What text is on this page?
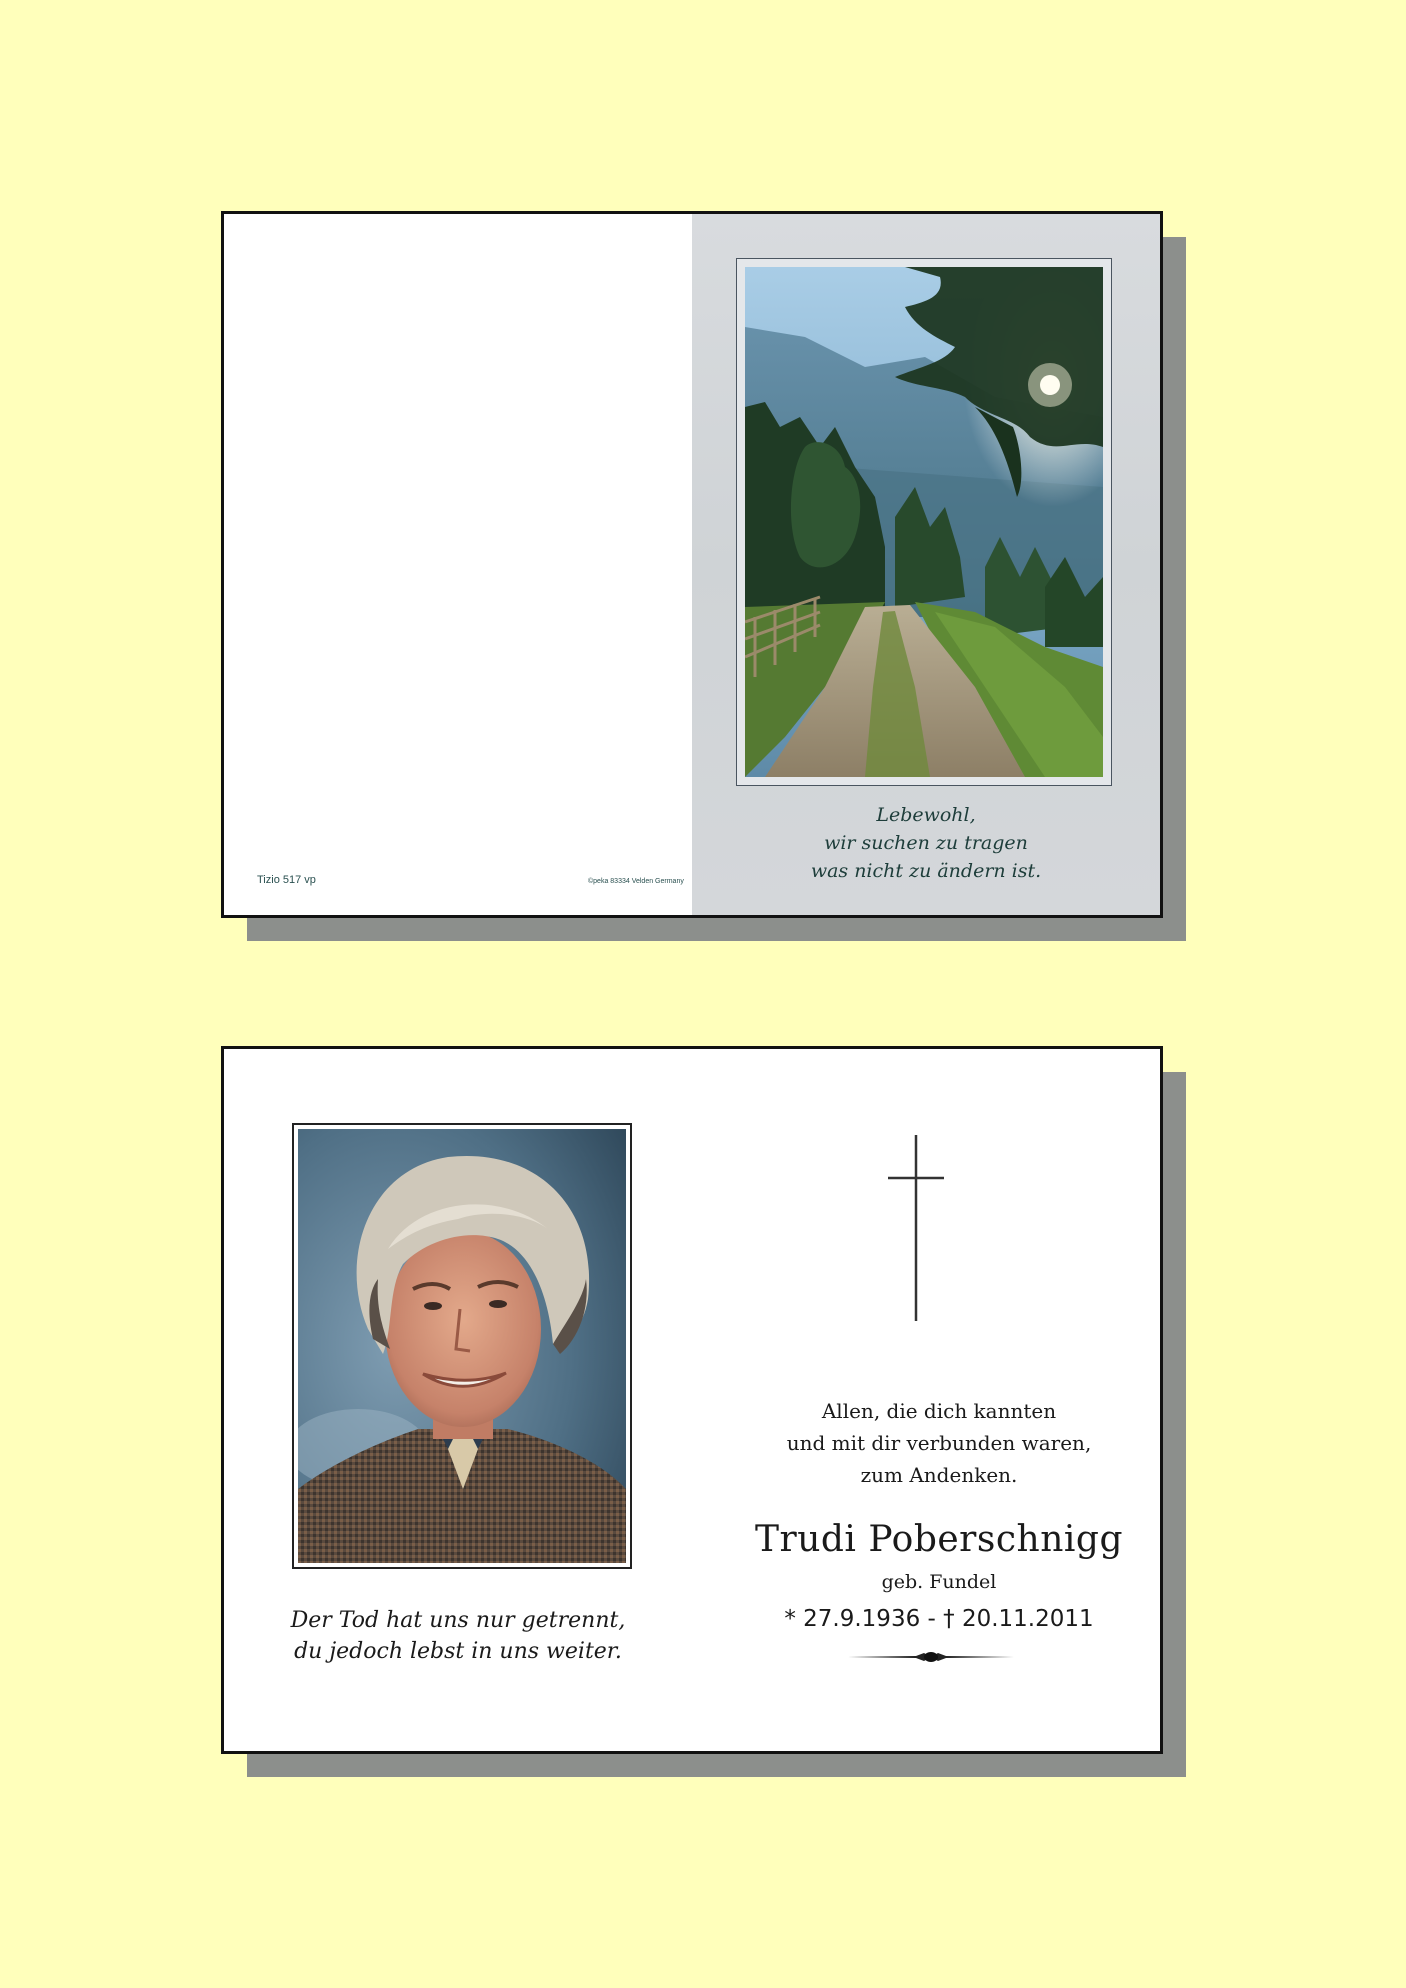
Tizio 517 vp	©peka 83334 Velden Germany
Lebewohl,
wir suchen zu tragen
was nicht zu ändern ist.
Der Tod hat uns nur getrennt,
du jedoch lebst in uns weiter.
Allen, die dich kannten
und mit dir verbunden waren,
zum Andenken.
Trudi Poberschnigg
geb. Fundel
* 27.9.1936 - † 20.11.2011
